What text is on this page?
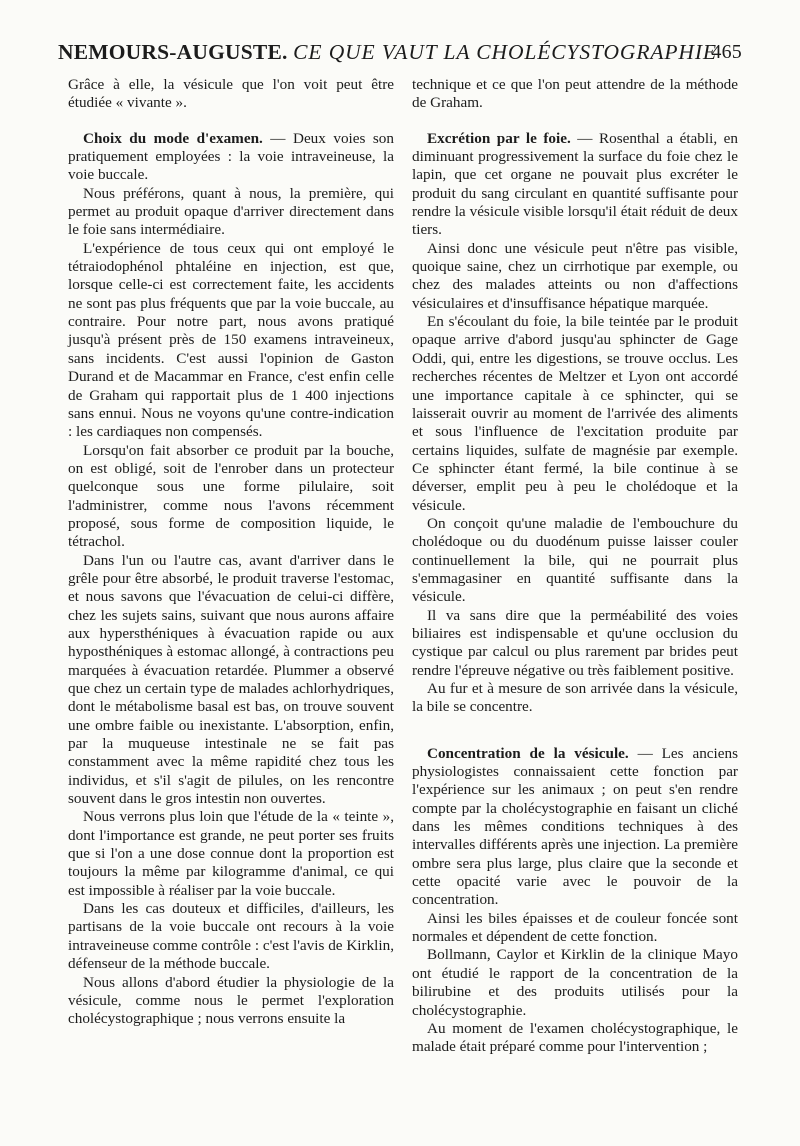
NEMOURS-AUGUSTE. CE QUE VAUT LA CHOLÉCYSTOGRAPHIE
465

Grâce à elle, la vésicule que l'on voit peut être étudiée « vivante ».

Choix du mode d'examen. — Deux voies son pratiquement employées : la voie intraveineuse, la voie buccale.

Nous préférons, quant à nous, la première, qui permet au produit opaque d'arriver directement dans le foie sans intermédiaire.

L'expérience de tous ceux qui ont employé le tétraiodophénol phtaléine en injection, est que, lorsque celle-ci est correctement faite, les accidents ne sont pas plus fréquents que par la voie buccale, au contraire. Pour notre part, nous avons pratiqué jusqu'à présent près de 150 examens intraveineux, sans incidents. C'est aussi l'opinion de Gaston Durand et de Macammar en France, c'est enfin celle de Graham qui rapportait plus de 1 400 injections sans ennui. Nous ne voyons qu'une contre-indication : les cardiaques non compensés.

Lorsqu'on fait absorber ce produit par la bouche, on est obligé, soit de l'enrober dans un protecteur quelconque sous une forme pilulaire, soit l'administrer, comme nous l'avons récemment proposé, sous forme de composition liquide, le tétrachol.

Dans l'un ou l'autre cas, avant d'arriver dans le grêle pour être absorbé, le produit traverse l'estomac, et nous savons que l'évacuation de celui-ci diffère, chez les sujets sains, suivant que nous aurons affaire aux hypersthéniques à évacuation rapide ou aux hyposthéniques à estomac allongé, à contractions peu marquées à évacuation retardée. Plummer a observé que chez un certain type de malades achlorhydriques, dont le métabolisme basal est bas, on trouve souvent une ombre faible ou inexistante. L'absorption, enfin, par la muqueuse intestinale ne se fait pas constamment avec la même rapidité chez tous les individus, et s'il s'agit de pilules, on les rencontre souvent dans le gros intestin non ouvertes.

Nous verrons plus loin que l'étude de la « teinte », dont l'importance est grande, ne peut porter ses fruits que si l'on a une dose connue dont la proportion est toujours la même par kilogramme d'animal, ce qui est impossible à réaliser par la voie buccale.

Dans les cas douteux et difficiles, d'ailleurs, les partisans de la voie buccale ont recours à la voie intraveineuse comme contrôle : c'est l'avis de Kirklin, défenseur de la méthode buccale.

Nous allons d'abord étudier la physiologie de la vésicule, comme nous le permet l'exploration cholécystographique ; nous verrons ensuite la

technique et ce que l'on peut attendre de la méthode de Graham.

Excrétion par le foie. — Rosenthal a établi, en diminuant progressivement la surface du foie chez le lapin, que cet organe ne pouvait plus excréter le produit du sang circulant en quantité suffisante pour rendre la vésicule visible lorsqu'il était réduit de deux tiers.

Ainsi donc une vésicule peut n'être pas visible, quoique saine, chez un cirrhotique par exemple, ou chez des malades atteints ou non d'affections vésiculaires et d'insuffisance hépatique marquée.

En s'écoulant du foie, la bile teintée par le produit opaque arrive d'abord jusqu'au sphincter de Gage Oddi, qui, entre les digestions, se trouve occlus. Les recherches récentes de Meltzer et Lyon ont accordé une importance capitale à ce sphincter, qui se laisserait ouvrir au moment de l'arrivée des aliments et sous l'influence de l'excitation produite par certains liquides, sulfate de magnésie par exemple. Ce sphincter étant fermé, la bile continue à se déverser, emplit peu à peu le cholédoque et la vésicule.

On conçoit qu'une maladie de l'embouchure du cholédoque ou du duodénum puisse laisser couler continuellement la bile, qui ne pourrait plus s'emmagasiner en quantité suffisante dans la vésicule.

Il va sans dire que la perméabilité des voies biliaires est indispensable et qu'une occlusion du cystique par calcul ou plus rarement par brides peut rendre l'épreuve négative ou très faiblement positive.

Au fur et à mesure de son arrivée dans la vésicule, la bile se concentre.

Concentration de la vésicule. — Les anciens physiologistes connaissaient cette fonction par l'expérience sur les animaux ; on peut s'en rendre compte par la cholécystographie en faisant un cliché dans les mêmes conditions techniques à des intervalles différents après une injection. La première ombre sera plus large, plus claire que la seconde et cette opacité varie avec le pouvoir de la concentration.

Ainsi les biles épaisses et de couleur foncée sont normales et dépendent de cette fonction.

Bollmann, Caylor et Kirklin de la clinique Mayo ont étudié le rapport de la concentration de la bilirubine et des produits utilisés pour la cholécystographie.

Au moment de l'examen cholécystographique, le malade était préparé comme pour l'intervention ;
